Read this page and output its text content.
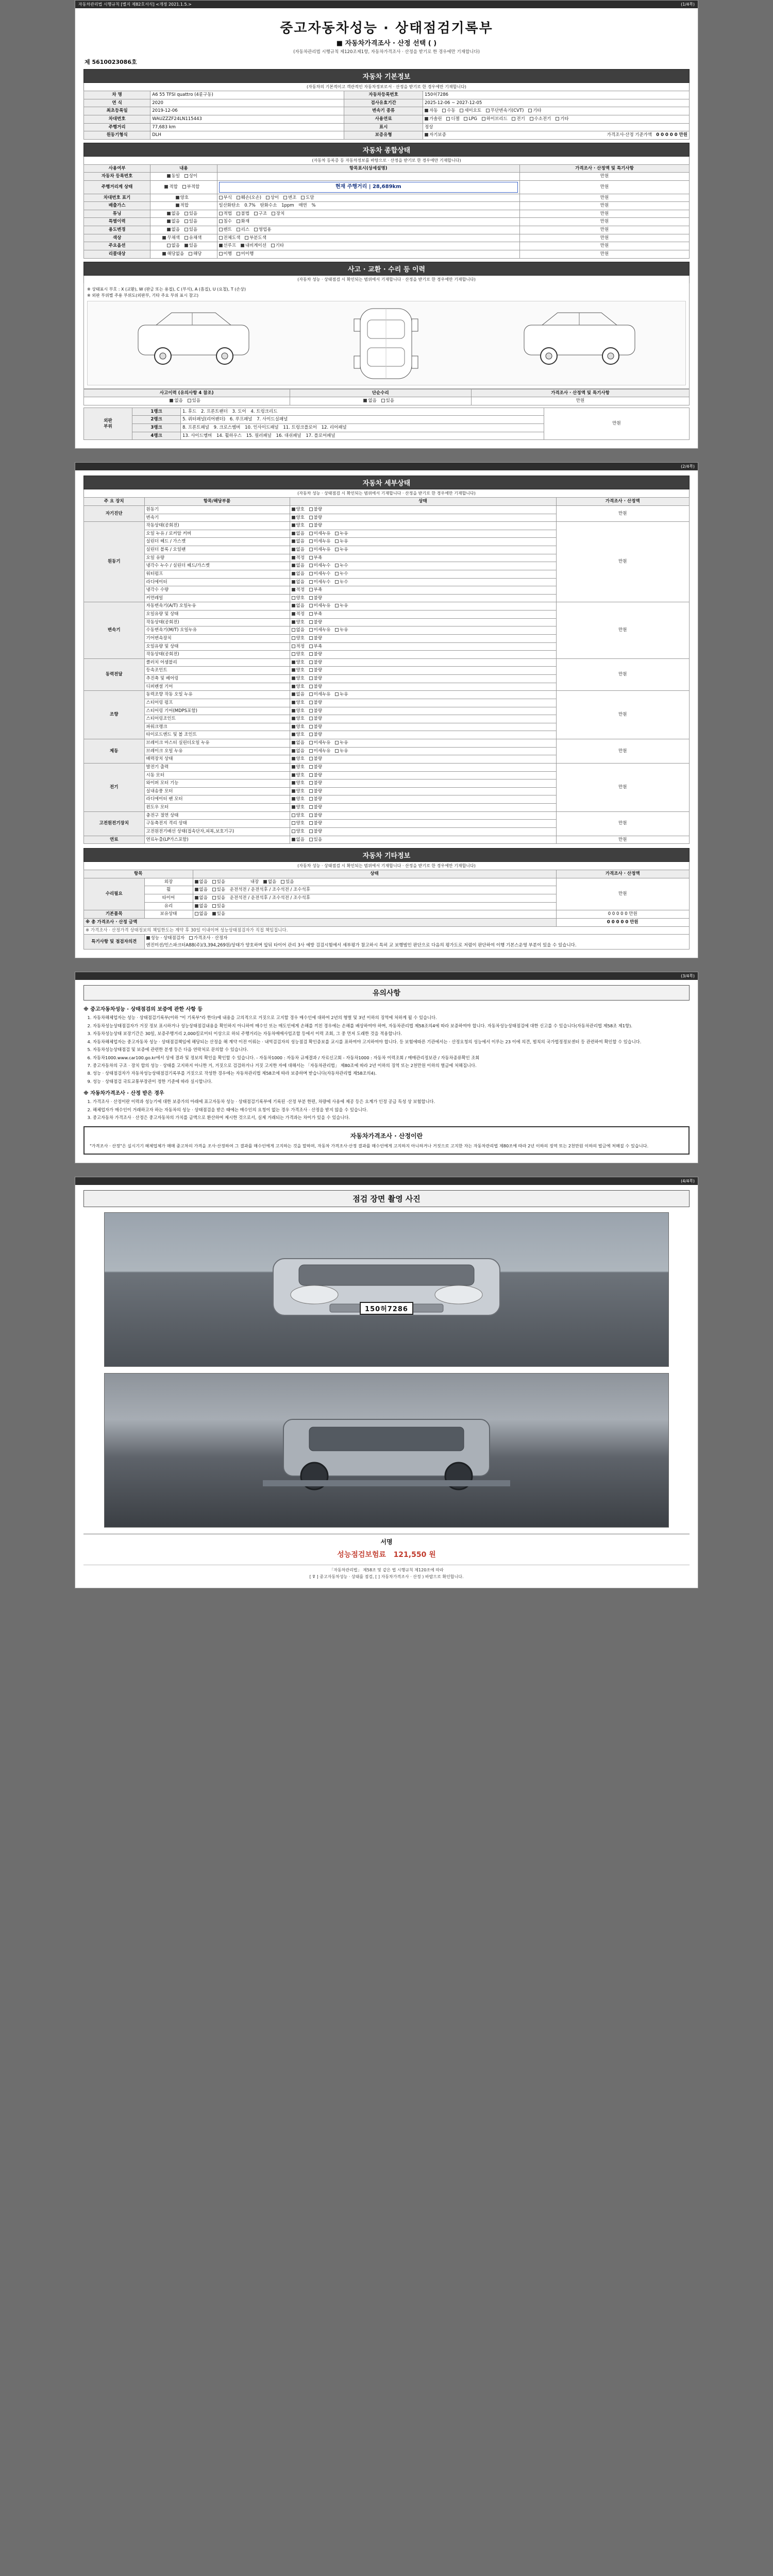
자동차관리법 시행규칙 [별지 제82호서식] <개정 2021.1.5.>	(1/4쪽)
중고자동차성능 · 상태점검기록부
■ 자동차가격조사 · 산정 선택 ( )
(자동차관리법 시행규칙 제120조제1항, 자동차가격조사 · 산정을 받기로 한 경우에만 기재합니다)
제 5610023086호
자동차 기본정보
(자동차의 기본적이고 객관적인 자동차정보로서 · 산정을 받기로 한 경우에만 기재합니다)
차 명	A6 55 TFSI quattro (4륜구동)	자동차등록번호	150허7286
연 식	2020	검사유효기간	2025-12-06 ~ 2027-12-05
최초등록일	2019-12-06	변속기 종류	자동 수동 세미오토 무단변속기(CVT) 기타
차대번호	WAUZZZF24LN115443	사용연료	가솔린 디젤 LPG 하이브리드 전기 수소전기 기타
주행거리	77,683 km	표시	정상
원동기형식	DLH	보증유형	자기보증 가격조사·산정 기준가액 0 0 0 0 0 만원
자동차 종합상태
(자동차 등록증 등 자동차정보를 바탕으로 · 산정을 받기로 한 경우에만 기재합니다)
사용여부	내용	항목표시(상세설명)	가격조사 · 산정액 및 특기사항
자동차 등록번호	동일 상이		만원
주행거리계 상태	적합 부적합	현재 주행거리 | 28,689km	만원
차대번호 표기	양호	부식 훼손(오손) 상이 변조 도말	만원
배출가스	적합	일산화탄소 0.7% 탄화수소 1ppm 매연 %	만원
튜닝	없음 있음	적법 불법 구조 장치	만원
특별이력	없음 있음	침수 화재	만원
용도변경	없음 있음	렌트 리스 영업용	만원
색상	무채색 유채색	전체도색 부분도색	만원
주요옵션	없음 있음	선루프 내비게이션 기타	만원
리콜대상	해당없음 해당	이행 미이행	만원
사고 · 교환 · 수리 등 이력
(자동차 성능 · 상태점검 시 확인되는 범위에서 기재합니다 · 산정을 받기로 한 경우에만 기재합니다)
※ 상태표시 부호 : X (교환), W (판금 또는 용접), C (부식), A (흠집), U (요철), T (손상)
※ 외판 부위별 주용 부위도(외판부, 기타 주요 부위 표시 참고)
사고이력 (유의사항 4 참조)	단순수리	가격조사 · 산정액 및 특기사항
없음 있음	없음 있음	만원
외판
부위	1랭크	1. 후드 2. 프론트팬더 3. 도어 4. 트렁크리드	만원
	2랭크	5. 쿼터패널(리어팬더) 6. 루프패널 7. 사이드실패널	
	3랭크	8. 프론트패널 9. 크로스멤버 10. 인사이드패널 11. 트렁크플로어 12. 리어패널	
	4랭크	13. 사이드멤버 14. 휠하우스 15. 필러패널 16. 대쉬패널 17. 플로어패널	
(2/4쪽)
자동차 세부상태
(자동차 성능 · 상태점검 시 확인되는 범위에서 기재합니다 · 산정을 받기로 한 경우에만 기재합니다)
주 요 장치	항목/해당부품	상태	가격조사 · 산정액
자기진단	원동기	양호 불량	만원
	변속기	양호 불량	
원동기	작동상태(공회전)	양호 불량	만원
	오일 누유 / 로커암 커버	없음 미세누유 누유	
	실린더 헤드 / 가스켓	없음 미세누유 누유	
	실린더 블록 / 오일팬	없음 미세누유 누유	
	오일 유량	적정 부족	
	냉각수 누수 / 실린더 헤드/가스켓	없음 미세누수 누수	
	워터펌프	없음 미세누수 누수	
	라디에이터	없음 미세누수 누수	
	냉각수 수량	적정 부족	
	커먼레일	양호 불량	
변속기	자동변속기(A/T) 오일누유	없음 미세누유 누유	만원
	오일유량 및 상태	적정 부족	
	작동상태(공회전)	양호 불량	
	수동변속기(M/T) 오일누유	없음 미세누유 누유	
	기어변속장치	양호 불량	
	오일유량 및 상태	적정 부족	
	작동상태(공회전)	양호 불량	
동력전달	클러치 어셈블리	양호 불량	만원
	등속조인트	양호 불량	
	추진축 및 베어링	양호 불량	
	디퍼렌셜 기어	양호 불량	
조향	동력조향 작동 오일 누유	없음 미세누유 누유	만원
	스티어링 펌프	양호 불량	
	스티어링 기어(MDPS포함)	양호 불량	
	스티어링조인트	양호 불량	
	파워크랭크	양호 불량	
	타이로드엔드 및 볼 조인트	양호 불량	
제동	브레이크 마스터 실린더오일 누유	없음 미세누유 누유	만원
	브레이크 오일 누유	없음 미세누유 누유	
	배력장치 상태	양호 불량	
전기	발전기 출력	양호 불량	만원
	시동 모터	양호 불량	
	와이퍼 모터 기능	양호 불량	
	실내송풍 모터	양호 불량	
	라디에이터 팬 모터	양호 불량	
	윈도우 모터	양호 불량	
고전원전기장치	충전구 절연 상태	양호 불량	만원
	구동축전지 격리 상태	양호 불량	
	고전원전기배선 상태(접속단자,피복,보호기구)	양호 불량	
연료	연료누출(LP가스포함)	없음 있음	만원
자동차 기타정보
(자동차 성능 · 상태점검 시 확인되는 범위에서 기재합니다 · 산정을 받기로 한 경우에만 기재합니다)
항목		상태	가격조사 · 산정액
수리필요	외장	없음 있음 내장 없음 있음	만원
	휠	없음 있음 운전석전 / 운전석후 / 조수석전 / 조수석후	
	타이어	없음 있음 운전석전 / 운전석후 / 조수석전 / 조수석후	
	유리	없음 있음	
기본품목	보유상태	없음 있음	0 0 0 0 0 만원
※ 총 가격조사 · 산정 금액			0 0 0 0 0 만원
※ 가격조사 · 산정가격 상태정보의 책임한도는 계약 후 30일 이내이며 성능상태점검자가 직접 책임집니다.			
특기사항 및 점검자의견	성능 · 상태점검자 가격조사 · 산정자
엔진미션/인스파크터A88(주)/3,394,269원/상태가 양호하며 앞뒤 타이어 관리 3사 예방 검검시험에서 세부평가 참고하시 특히 교 보행범인 판단으로 다음의 평가도로 저렴이 판단하여 이행 기본스운영 부분이 있을 수 있습니다.		
(3/4쪽)
유의사항
※ 중고자동차성능 · 상태점검의 보증에 관한 사항 등
1. 자동차해체업자는 성능 · 상태점검기록부(이하 "이 기록부"라 한다)에 내용을 고의적으로 거짓으로 고지할 경우 매수인에 대하여 2년의 형벌 및 3년 이하의 징역에 처하게 될 수 있습니다.
2. 자동차성능상태점검자가 거짓 정보 표시하거나 성능상태점검내용을 확인하지 아니하여 매수인 또는 매도인에게 손해를 끼친 경우에는 손해를 배상하여야 하며, 자동차관리법 제58조의4에 따라 보증하여야 합니다. 자동차성능상태점검에 대한 신고를 수 있습니다(자동차관리법 제58조 제1항).
3. 자동차성능상태 보장기간은 30일, 보증주행거리 2,000킬로미터 이상으로 하되 주행거리는 자동차매매사업조합 등에서 이력 조회, 그 중 먼저 도래한 것을 적용합니다.
4. 자동차해체업자는 중고자동차 성능 · 상태점검책임에 해당되는 산정을 해 계약 이전 이뤄는 · 내역검검자의 성능점검 확인증보를 교시를 표하여야 고지하여야 합니다. 등 보험에따른 기관에서는 · 산정요청의 성능에서 이루는 23 이에 의견, 범칙의 국가법정정보센터 등 관련하여 확인할 수 있습니다.
5. 자동차성능상태점검 및 보증에 관련한 분쟁 등은 다음 연락처로 문의할 수 있습니다.
6. 자동차1000.www.car100.go.kr에서 상세 결과 및 정보의 확인을 확인할 수 있습니다. - 자동차1000 : 자동차 규제결과 / 자료신고회 - 자동차1000 : 자동차 이력조회 / 매매관리정보관 / 자동차종류확인 조회
7. 중고자동차의 구조 · 장치 합의 성능 · 상태를 고지하지 아니한 거, 거짓으로 검검하거나 거짓 고지한 자에 대해서는 「자동차관리법」 제80조에 따라 2년 이하의 징역 또는 2천만원 이하의 벌금에 처해집니다.
8. 성능 · 상태점검자가 자동차성능상태점검기록부를 거짓으로 작성한 경우에는 자동차관리법 제58조에 따라 보증하며 받습니다(자동차관리법 제58조의4).
9. 성능 · 상태점검 국토교통부장관이 정한 기준에 따라 실시합니다.
※ 자동차가격조사 · 산정 받은 경우
1. 가격조사 · 산정이란 이력과 성능기에 대한 보증가의 아래에 표고자동차 성능 · 상태점검기록부에 기록된 ·산정 부분 한편, 차량에 사용에 제공 등은 요계가 인정 공급 특성 상 보험합니다.
2. 해체업자가 매수인이 거래하고자 하는 자동차의 성능 · 상태점검을 받은 때에는 매수인의 요청이 없는 경우 가격조사 · 산정을 받지 않을 수 있습니다.
3. 중고자동차 가격조사 · 산정은 중고자동차의 가치를 금액으로 환산하여 제시한 것으로서, 실제 거래되는 가격과는 차이가 있을 수 있습니다.
자동차가격조사 · 산정이란
"가격조사 · 산정"은 실시기기 해체업체가 매매 중고차의 가격을 조사·산정하여 그 결과를 매수인에게 고지하는 것을 말하며, 자동차 가격조사·산정 결과를 매수인에게 고지하지 아니하거나 거짓으로 고지한 자는 자동차관리법 제80조에 따라 2년 이하의 징역 또는 2천만원 이하의 벌금에 처해질 수 있습니다.
(4/4쪽)
점검 장면 촬영 사진
150허7286
서명
성능점검보험료 121,550 원
「자동차관리법」 제58조 및 같은 법 시행규칙 제120조에 따라
[ ⊽ ] 중고자동차성능 · 상태를 점검, [ ] 자동차가격조사 · 산정 ) 바랍으로 확인합니다.
